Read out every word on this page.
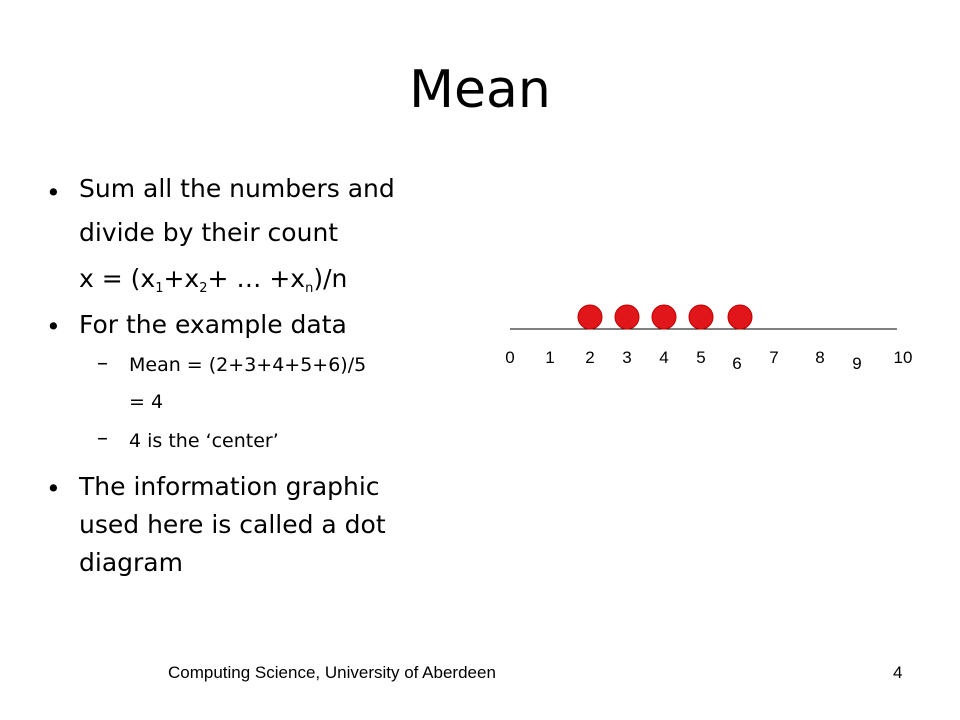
Mean
• Sum all the numbers and
divide by their count
$x = (x_1+x_2+$ … $+x_n)/n$
• For the example data
– Mean = (2+3+4+5+6)/5
= 4
– 4 is the ‘center’
• The information graphic
used here is called a dot
diagram
0 1 2 3 4 5 6 7 8 9 10
Computing Science, University of Aberdeen	4
